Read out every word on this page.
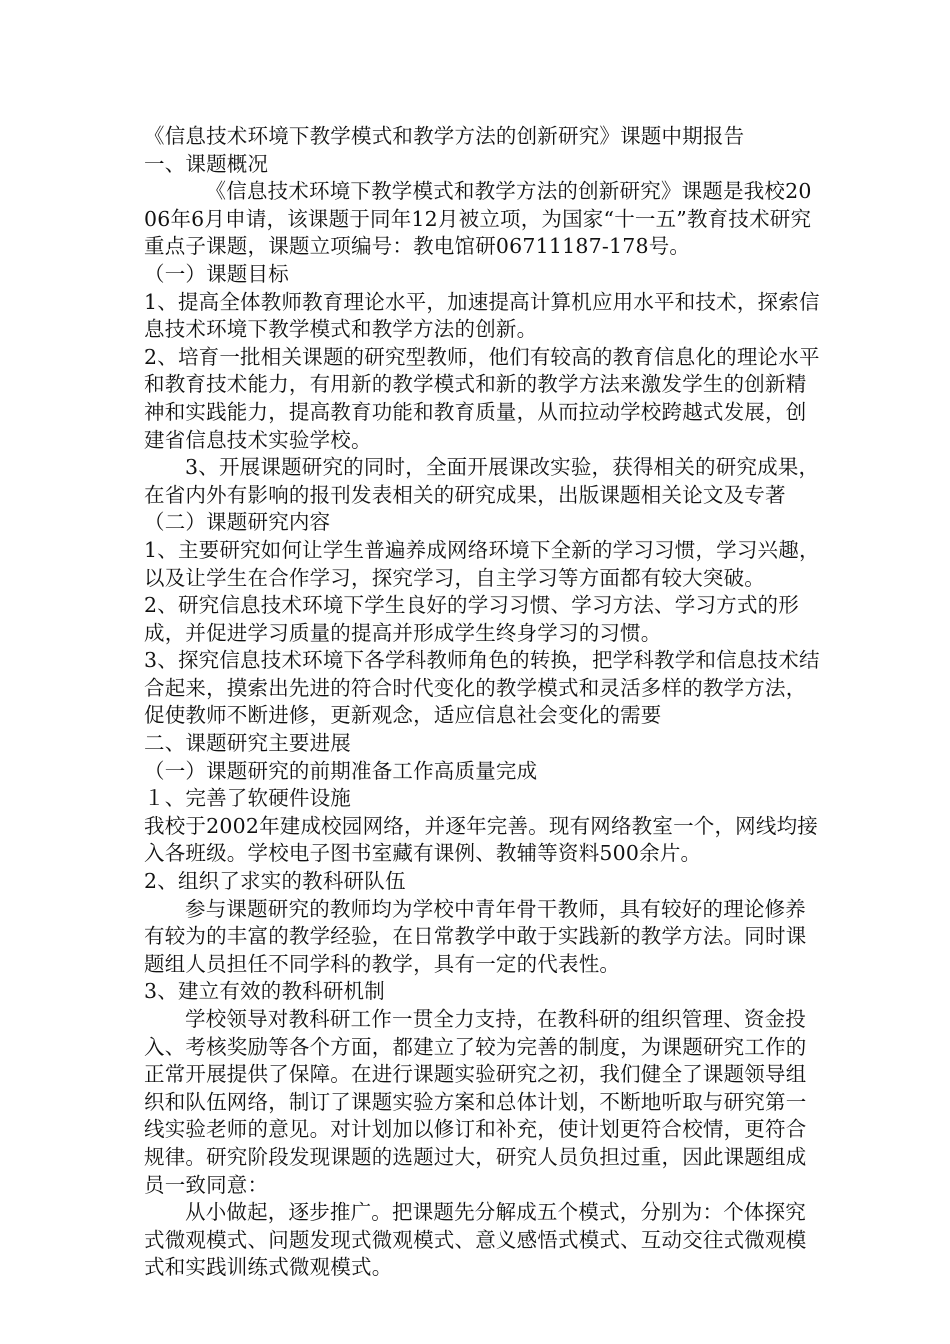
《信息技术环境下教学模式和教学方法的创新研究》课题中期报告

一、课题概况

《信息技术环境下教学模式和教学方法的创新研究》课题是我校2006年6月申请，该课题于同年12月被立项，为国家“十一五”教育技术研究重点子课题，课题立项编号：教电馆研06711187-178号。

（一）课题目标

1、提高全体教师教育理论水平，加速提高计算机应用水平和技术，探索信息技术环境下教学模式和教学方法的创新。

2、培育一批相关课题的研究型教师，他们有较高的教育信息化的理论水平和教育技术能力，有用新的教学模式和新的教学方法来激发学生的创新精神和实践能力，提高教育功能和教育质量，从而拉动学校跨越式发展，创建省信息技术实验学校。

3、开展课题研究的同时，全面开展课改实验，获得相关的研究成果，在省内外有影响的报刊发表相关的研究成果，出版课题相关论文及专著

（二）课题研究内容

1、主要研究如何让学生普遍养成网络环境下全新的学习习惯，学习兴趣，以及让学生在合作学习，探究学习，自主学习等方面都有较大突破。

2、研究信息技术环境下学生良好的学习习惯、学习方法、学习方式的形成，并促进学习质量的提高并形成学生终身学习的习惯。

3、探究信息技术环境下各学科教师角色的转换，把学科教学和信息技术结合起来，摸索出先进的符合时代变化的教学模式和灵活多样的教学方法，促使教师不断进修，更新观念，适应信息社会变化的需要

二、课题研究主要进展

（一）课题研究的前期准备工作高质量完成

１、完善了软硬件设施

我校于2002年建成校园网络，并逐年完善。现有网络教室一个，网线均接入各班级。学校电子图书室藏有课例、教辅等资料500余片。

2、组织了求实的教科研队伍

参与课题研究的教师均为学校中青年骨干教师，具有较好的理论修养有较为的丰富的教学经验，在日常教学中敢于实践新的教学方法。同时课题组人员担任不同学科的教学，具有一定的代表性。

3、建立有效的教科研机制

学校领导对教科研工作一贯全力支持，在教科研的组织管理、资金投入、考核奖励等各个方面，都建立了较为完善的制度，为课题研究工作的正常开展提供了保障。在进行课题实验研究之初，我们健全了课题领导组织和队伍网络，制订了课题实验方案和总体计划，不断地听取与研究第一线实验老师的意见。对计划加以修订和补充，使计划更符合校情，更符合规律。研究阶段发现课题的选题过大，研究人员负担过重，因此课题组成员一致同意：

从小做起，逐步推广。把课题先分解成五个模式，分别为：个体探究式微观模式、问题发现式微观模式、意义感悟式模式、互动交往式微观模式和实践训练式微观模式。
